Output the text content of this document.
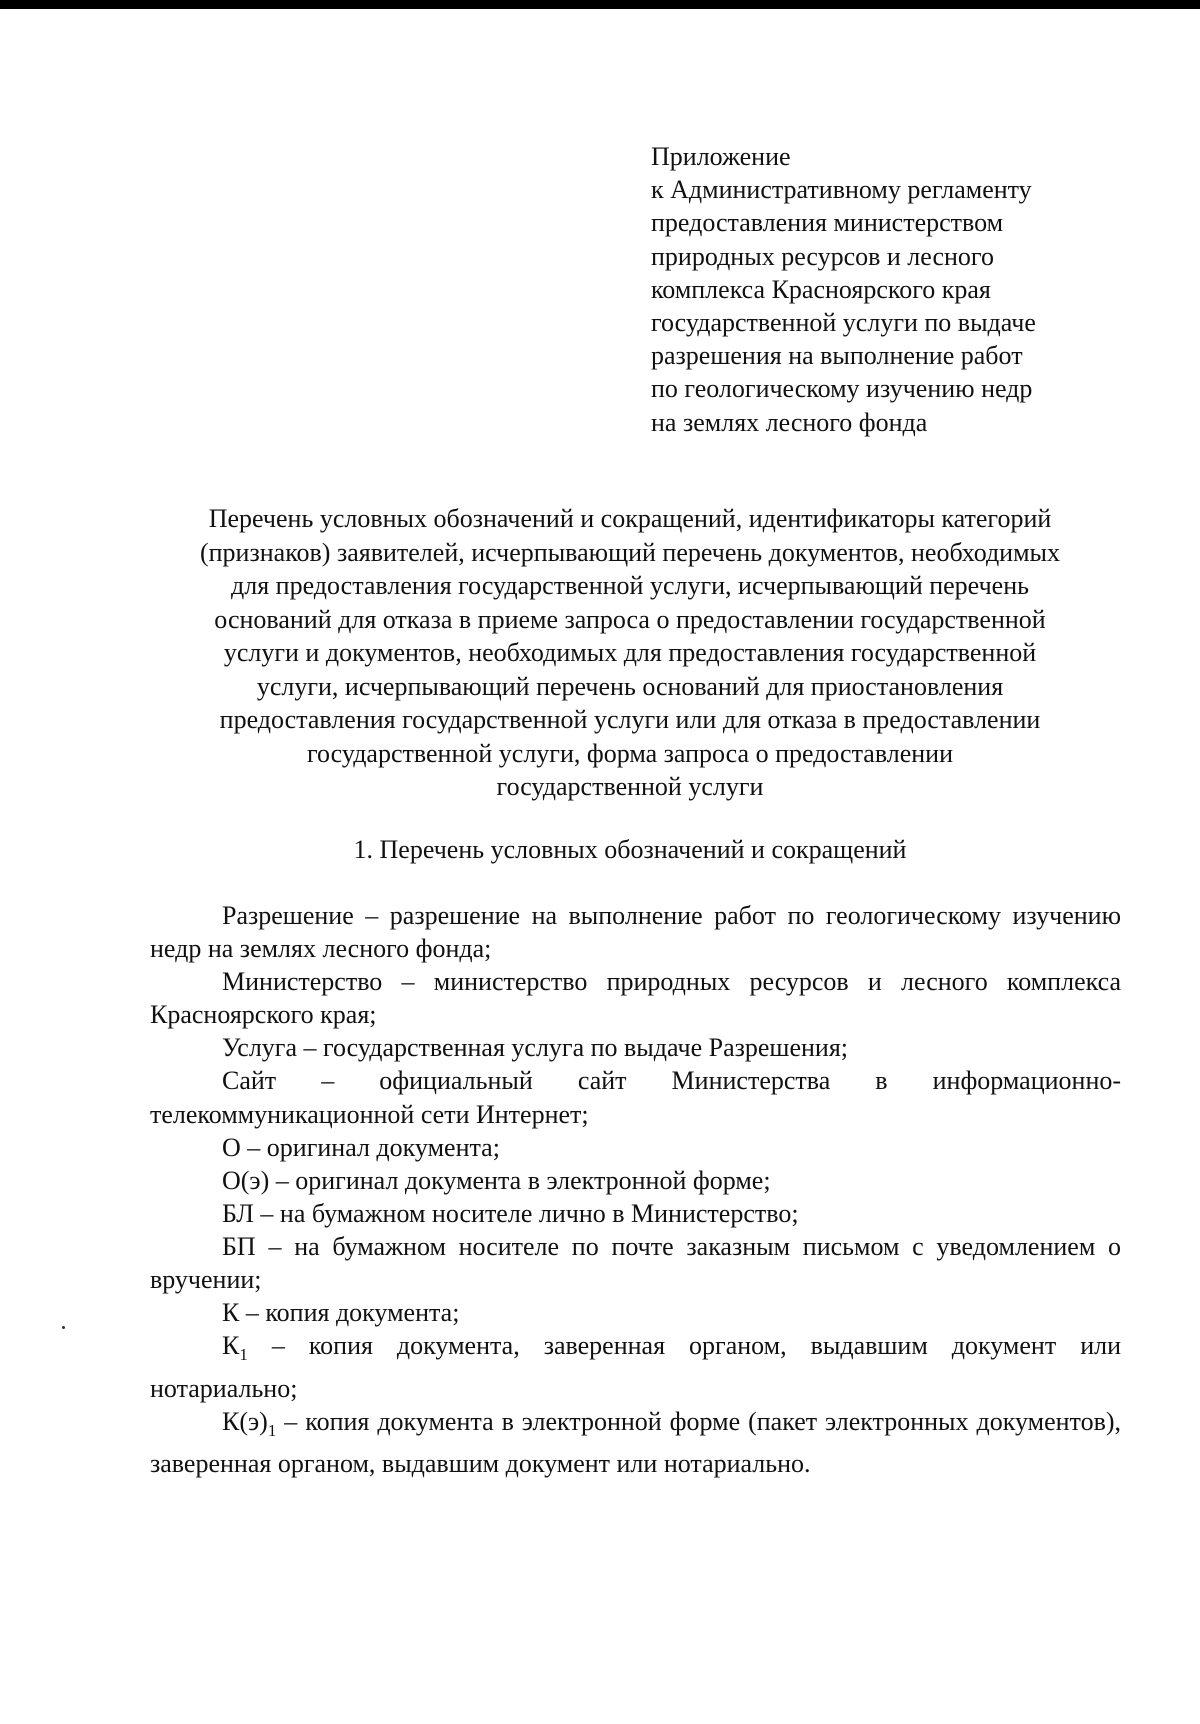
Приложение
к Административному регламенту
предоставления министерством
природных ресурсов и лесного
комплекса Красноярского края
государственной услуги по выдаче
разрешения на выполнение работ
по геологическому изучению недр
на землях лесного фонда
Перечень условных обозначений и сокращений, идентификаторы категорий
(признаков) заявителей, исчерпывающий перечень документов, необходимых
для предоставления государственной услуги, исчерпывающий перечень
оснований для отказа в приеме запроса о предоставлении государственной
услуги и документов, необходимых для предоставления государственной
услуги, исчерпывающий перечень оснований для приостановления
предоставления государственной услуги или для отказа в предоставлении
государственной услуги, форма запроса о предоставлении
государственной услуги
1. Перечень условных обозначений и сокращений

Разрешение – разрешение на выполнение работ по геологическому изучению недр на землях лесного фонда;

Министерство – министерство природных ресурсов и лесного комплекса Красноярского края;

Услуга – государственная услуга по выдаче Разрешения;

Сайт – официальный сайт Министерства в информационно-телекоммуникационной сети Интернет;

О – оригинал документа;

О(э) – оригинал документа в электронной форме;

БЛ – на бумажном носителе лично в Министерство;

БП – на бумажном носителе по почте заказным письмом с уведомлением о вручении;

К – копия документа;

$К_1$ – копия документа, заверенная органом, выдавшим документ или нотариально;

$К(э)_1$ – копия документа в электронной форме (пакет электронных документов), заверенная органом, выдавшим документ или нотариально.
